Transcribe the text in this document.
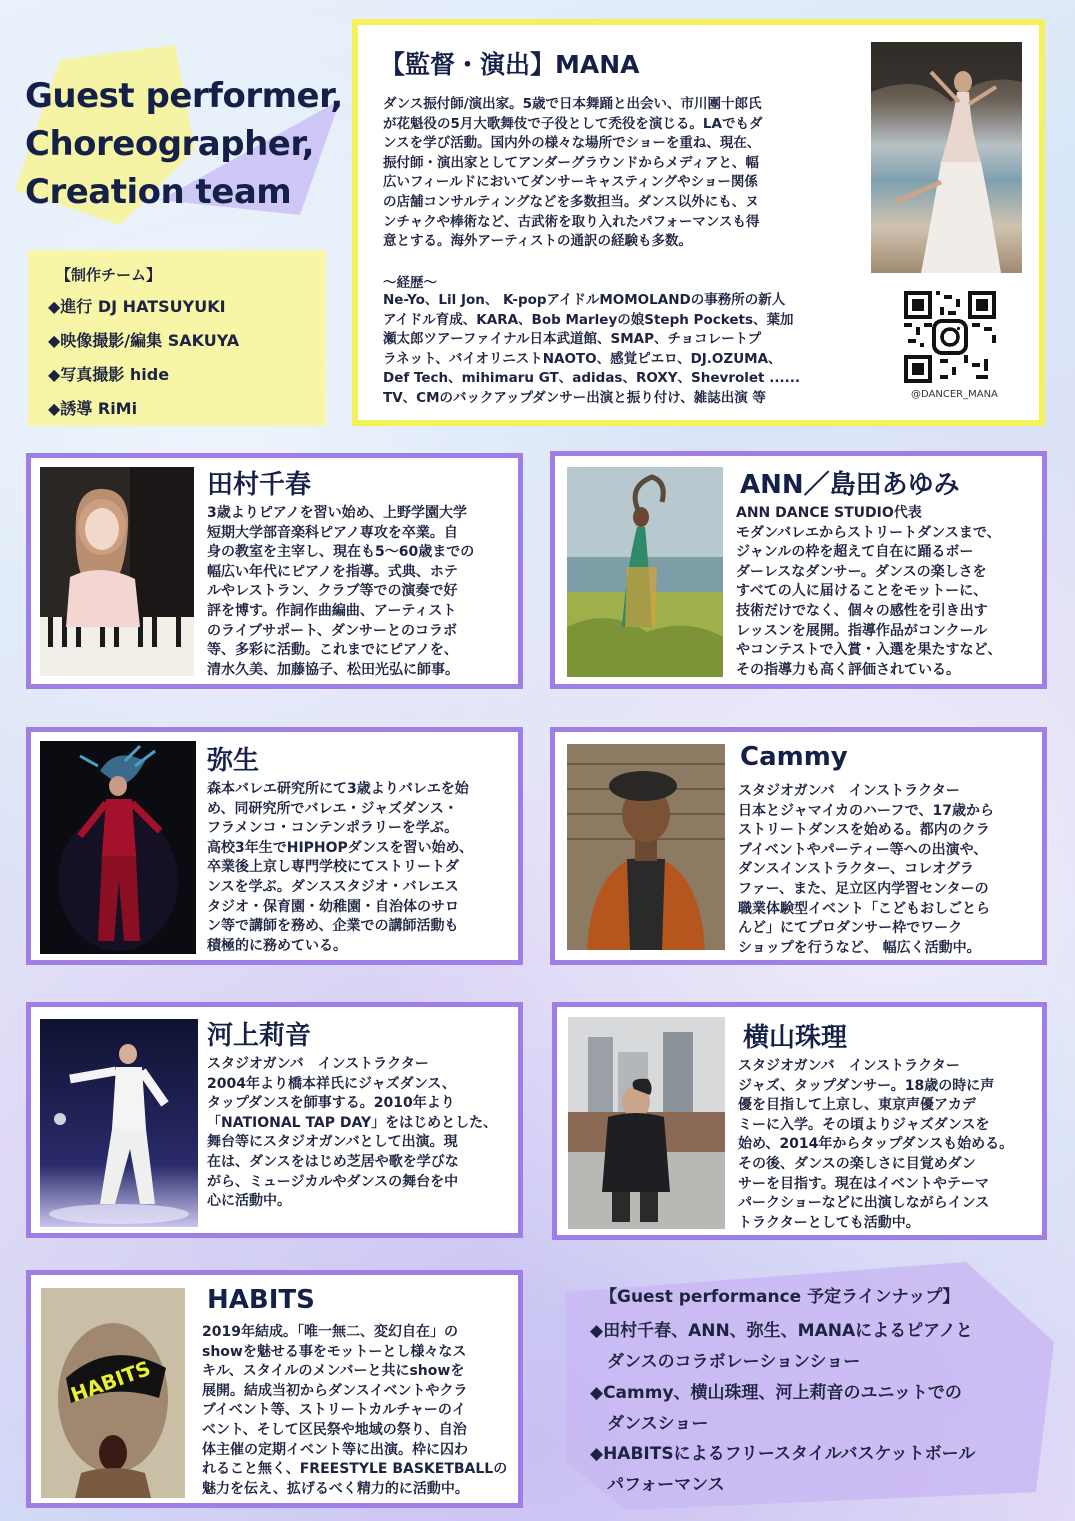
Guest performer,
Choreographer,
Creation team
【制作チーム】
◆進行 DJ HATSUYUKI
◆映像撮影/編集 SAKUYA
◆写真撮影 hide
◆誘導 RiMi
【監督・演出】MANA
ダンス振付師/演出家。5歳で日本舞踊と出会い、市川團十郎氏
が花魁役の5月大歌舞伎で子役として禿役を演じる。LAでもダ
ンスを学び活動。国内外の様々な場所でショーを重ね、現在、
振付師・演出家としてアンダーグラウンドからメディアと、幅
広いフィールドにおいてダンサーキャスティングやショー関係
の店舗コンサルティングなどを多数担当。ダンス以外にも、ヌ
ンチャクや棒術など、古武術を取り入れたパフォーマンスも得
意とする。海外アーティストの通訳の経験も多数。
〜経歴〜
Ne-Yo、Lil Jon、 K-popアイドルMOMOLANDの事務所の新人
アイドル育成、KARA、Bob Marleyの娘Steph Pockets、葉加
瀬太郎ツアーファイナル日本武道館、SMAP、チョコレートプ
ラネット、バイオリニストNAOTO、感覚ピエロ、DJ.OZUMA、
Def Tech、mihimaru GT、adidas、ROXY、Shevrolet ......
TV、CMのバックアップダンサー出演と振り付け、雑誌出演 等	@DANCER_MANA
田村千春
3歳よりピアノを習い始め、上野学園大学
短期大学部音楽科ピアノ専攻を卒業。自
身の教室を主宰し、現在も5〜60歳までの
幅広い年代にピアノを指導。式典、ホテ
ルやレストラン、クラブ等での演奏で好
評を博す。作詞作曲編曲、アーティスト
のライブサポート、ダンサーとのコラボ
等、多彩に活動。これまでにピアノを、
清水久美、加藤協子、松田光弘に師事。
ANN／島田あゆみ
ANN DANCE STUDIO代表
モダンバレエからストリートダンスまで、
ジャンルの枠を超えて自在に踊るボー
ダーレスなダンサー。ダンスの楽しさを
すべての人に届けることをモットーに、
技術だけでなく、個々の感性を引き出す
レッスンを展開。指導作品がコンクール
やコンテストで入賞・入選を果たすなど、
その指導力も高く評価されている。
弥生
森本バレエ研究所にて3歳よりバレエを始
め、同研究所でバレエ・ジャズダンス・
フラメンコ・コンテンポラリーを学ぶ。
高校3年生でHIPHOPダンスを習い始め、
卒業後上京し専門学校にてストリートダ
ンスを学ぶ。ダンススタジオ・バレエス
タジオ・保育園・幼稚園・自治体のサロ
ン等で講師を務め、企業での講師活動も
積極的に務めている。
Cammy
スタジオガンバ　インストラクター
日本とジャマイカのハーフで、17歳から
ストリートダンスを始める。都内のクラ
ブイベントやパーティー等への出演や、
ダンスインストラクター、コレオグラ
ファー、また、足立区内学習センターの
職業体験型イベント「こどもおしごとら
んど」にてプロダンサー枠でワーク
ショップを行うなど、 幅広く活動中。
河上莉音
スタジオガンバ　インストラクター
2004年より橋本祥氏にジャズダンス、
タップダンスを師事する。2010年より
「NATIONAL TAP DAY」をはじめとした、
舞台等にスタジオガンバとして出演。現
在は、ダンスをはじめ芝居や歌を学びな
がら、ミュージカルやダンスの舞台を中
心に活動中。
横山珠理
スタジオガンバ　インストラクター
ジャズ、タップダンサー。18歳の時に声
優を目指して上京し、東京声優アカデ
ミーに入学。その頃よりジャズダンスを
始め、2014年からタップダンスも始める。
その後、ダンスの楽しさに目覚めダン
サーを目指す。現在はイベントやテーマ
パークショーなどに出演しながらインス
トラクターとしても活動中。
HABITS
HABITS
2019年結成。「唯一無二、変幻自在」の
showを魅せる事をモットーとし様々なス
キル、スタイルのメンバーと共にshowを
展開。結成当初からダンスイベントやクラ
ブイベント等、ストリートカルチャーのイ
ベント、そして区民祭や地域の祭り、自治
体主催の定期イベント等に出演。枠に囚わ
れること無く、FREESTYLE BASKETBALLの
魅力を伝え、拡げるべく精力的に活動中。
【Guest performance 予定ラインナップ】
◆田村千春、ANN、弥生、MANAによるピアノと
　ダンスのコラボレーションショー
◆Cammy、横山珠理、河上莉音のユニットでの
　ダンスショー
◆HABITSによるフリースタイルバスケットボール
　パフォーマンス
